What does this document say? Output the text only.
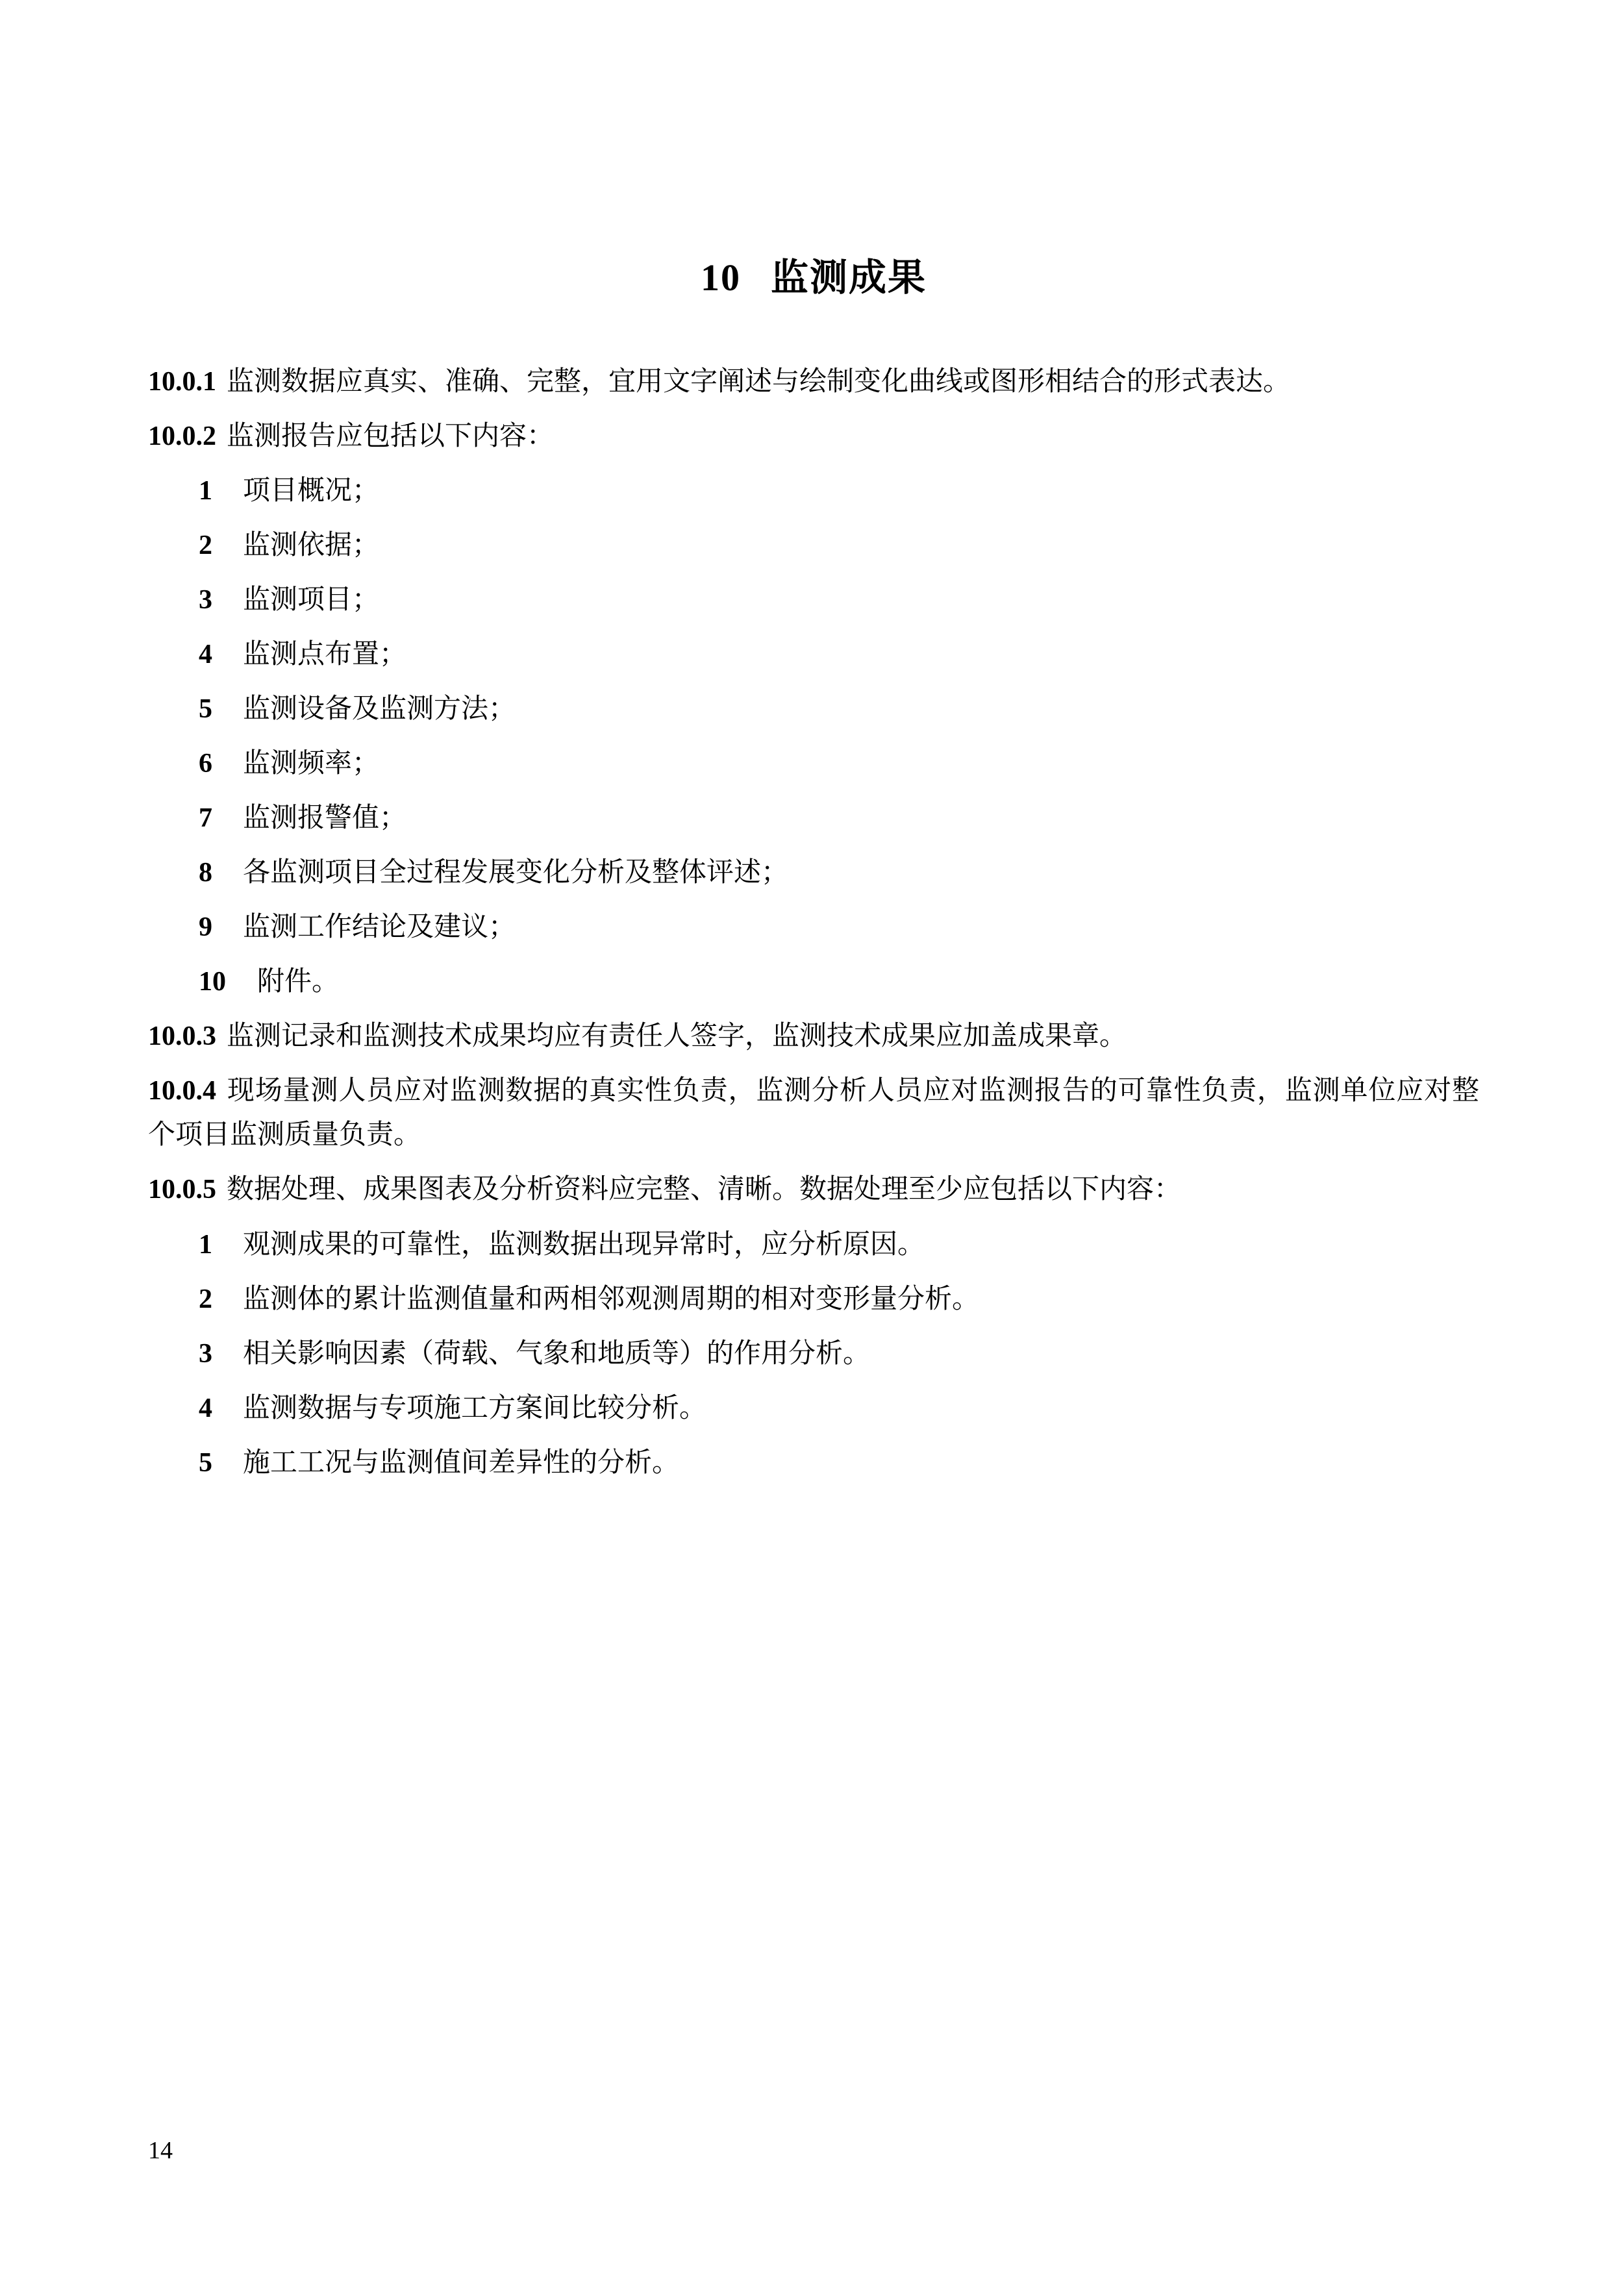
10 监测成果

10.0.1 监测数据应真实、准确、完整，宜用文字阐述与绘制变化曲线或图形相结合的形式表达。

10.0.2 监测报告应包括以下内容：

1	项目概况；
2	监测依据；
3	监测项目；
4	监测点布置；
5	监测设备及监测方法；
6	监测频率；
7	监测报警值；
8	各监测项目全过程发展变化分析及整体评述；
9	监测工作结论及建议；
10	附件。

10.0.3 监测记录和监测技术成果均应有责任人签字，监测技术成果应加盖成果章。

10.0.4 现场量测人员应对监测数据的真实性负责，监测分析人员应对监测报告的可靠性负责，监测单位应对整个项目监测质量负责。

10.0.5 数据处理、成果图表及分析资料应完整、清晰。数据处理至少应包括以下内容：

1	观测成果的可靠性，监测数据出现异常时，应分析原因。
2	监测体的累计监测值量和两相邻观测周期的相对变形量分析。
3	相关影响因素（荷载、气象和地质等）的作用分析。
4	监测数据与专项施工方案间比较分析。
5	施工工况与监测值间差异性的分析。
14
